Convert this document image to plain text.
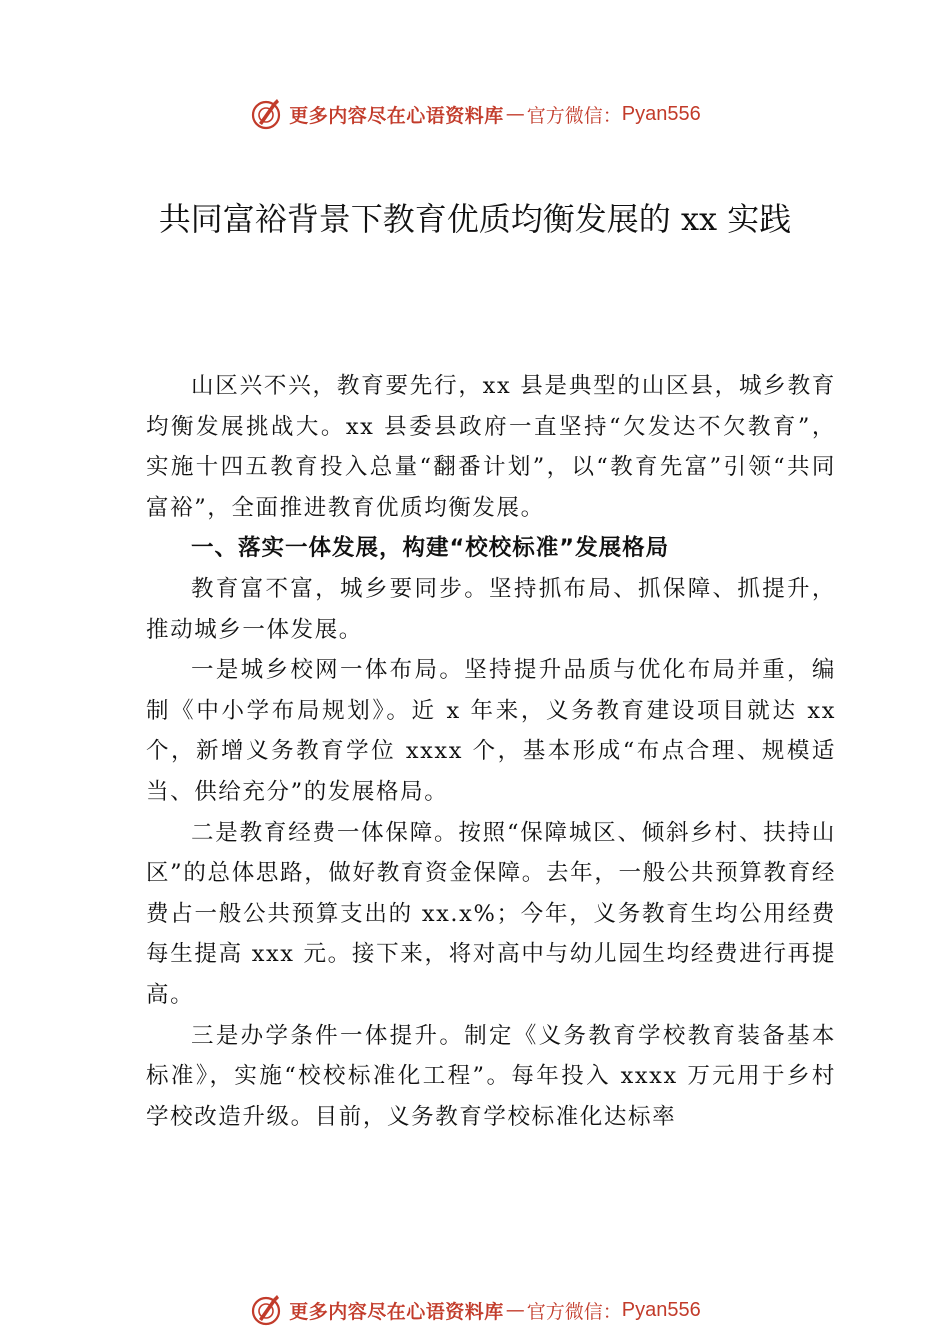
更多内容尽在心语资料库 — 官方微信： Pyan556
共同富裕背景下教育优质均衡发展的 xx 实践

山区兴不兴，教育要先行，xx 县是典型的山区县，城乡教育均衡发展挑战大。xx 县委县政府一直坚持“欠发达不欠教育”，实施十四五教育投入总量“翻番计划”，以“教育先富”引领“共同富裕”，全面推进教育优质均衡发展。

一、落实一体发展，构建“校校标准”发展格局

教育富不富，城乡要同步。坚持抓布局、抓保障、抓提升，推动城乡一体发展。

一是城乡校网一体布局。坚持提升品质与优化布局并重，编制《中小学布局规划》。近 x 年来，义务教育建设项目就达 xx 个，新增义务教育学位 xxxx 个，基本形成“布点合理、规模适当、供给充分”的发展格局。

二是教育经费一体保障。按照“保障城区、倾斜乡村、扶持山区”的总体思路，做好教育资金保障。去年，一般公共预算教育经费占一般公共预算支出的 xx.x%；今年，义务教育生均公用经费每生提高 xxx 元。接下来，将对高中与幼儿园生均经费进行再提高。

三是办学条件一体提升。制定《义务教育学校教育装备基本标准》，实施“校校标准化工程”。每年投入 xxxx 万元用于乡村学校改造升级。目前，义务教育学校标准化达标率

更多内容尽在心语资料库 — 官方微信： Pyan556
